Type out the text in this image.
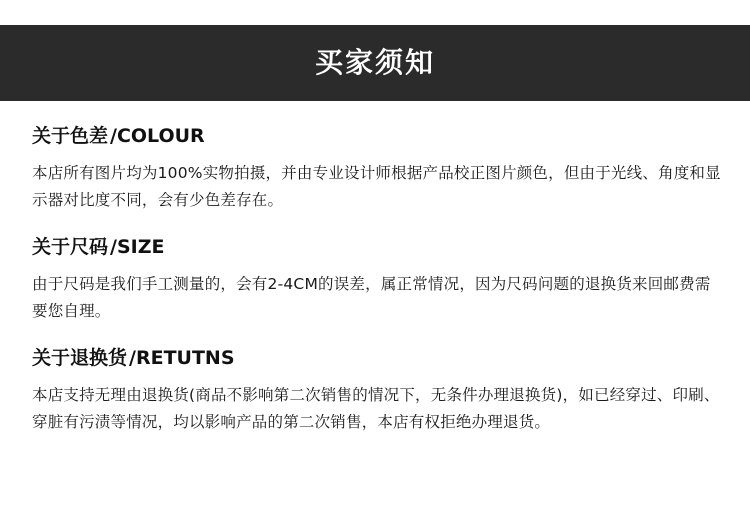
买家须知
关于色差 /COLOUR

本店所有图片均为100%实物拍摄，并由专业设计师根据产品校正图片颜色，但由于光线、角度和显示器对比度不同，会有少色差存在。

关于尺码 /SIZE

由于尺码是我们手工测量的，会有2-4CM的误差，属正常情况，因为尺码问题的退换货来回邮费需要您自理。

关于退换货 /RETUTNS

本店支持无理由退换货(商品不影响第二次销售的情况下，无条件办理退换货)，如已经穿过、印刷、穿脏有污渍等情况，均以影响产品的第二次销售，本店有权拒绝办理退货。
